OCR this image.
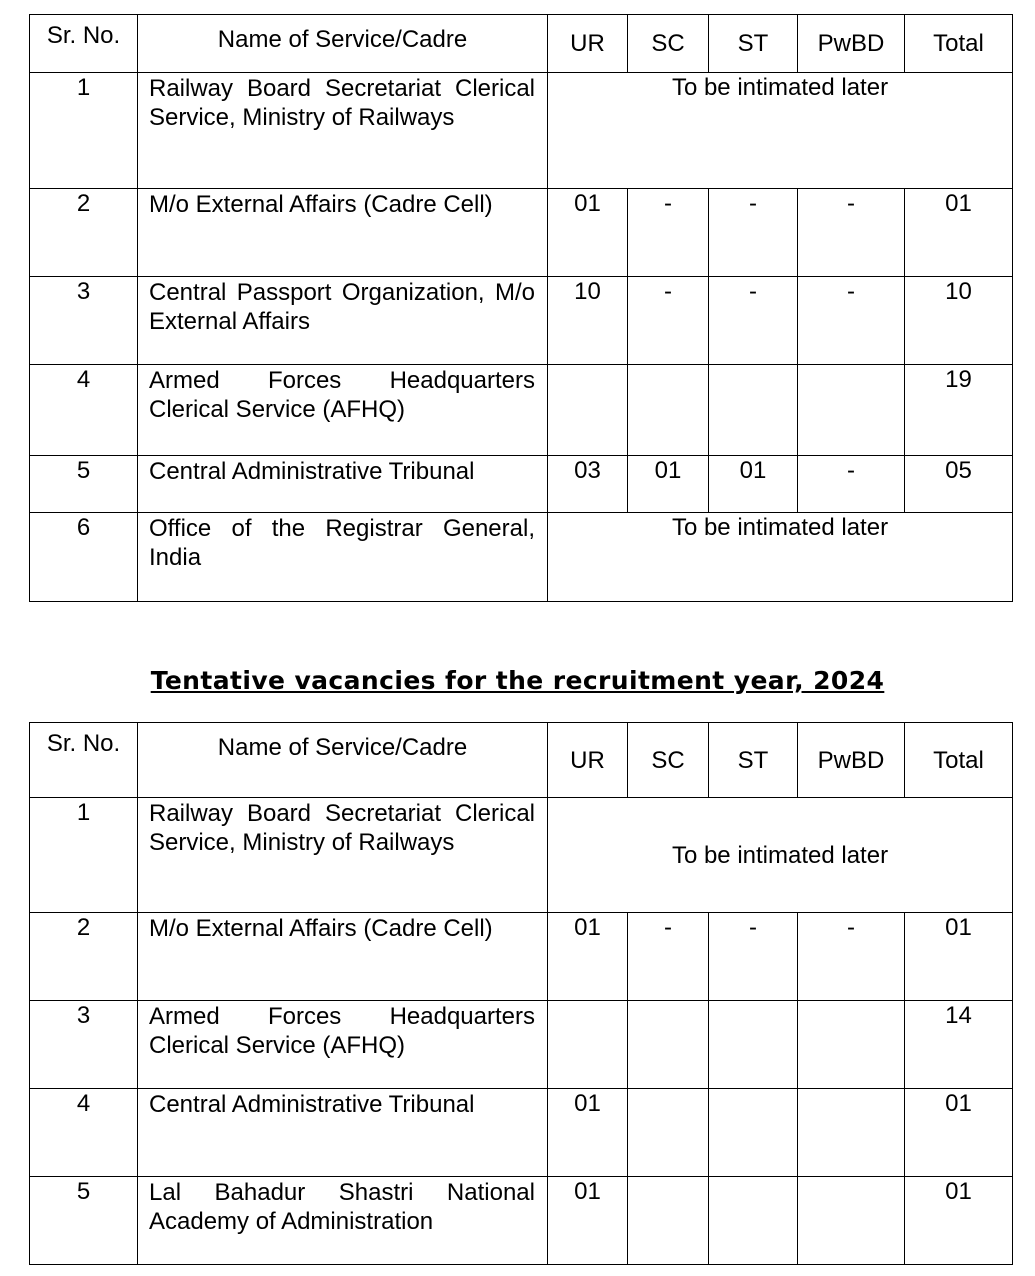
Sr. No.	Name of Service/Cadre	UR	SC	ST	PwBD	Total
1	Railway Board Secretariat Clerical Service, Ministry of Railways	To be intimated later				
2	M/o External Affairs (Cadre Cell)	01	-	-	-	01
3	Central Passport Organization, M/o External Affairs	10	-	-	-	10
4	Armed Forces Headquarters Clerical Service (AFHQ)					19
5	Central Administrative Tribunal	03	01	01	-	05
6	Office of the Registrar General, India	To be intimated later				
Tentative vacancies for the recruitment year, 2024
Sr. No.	Name of Service/Cadre	UR	SC	ST	PwBD	Total
1	Railway Board Secretariat Clerical Service, Ministry of Railways	To be intimated later				
2	M/o External Affairs (Cadre Cell)	01	-	-	-	01
3	Armed Forces Headquarters Clerical Service (AFHQ)					14
4	Central Administrative Tribunal	01				01
5	Lal Bahadur Shastri National Academy of Administration	01				01
